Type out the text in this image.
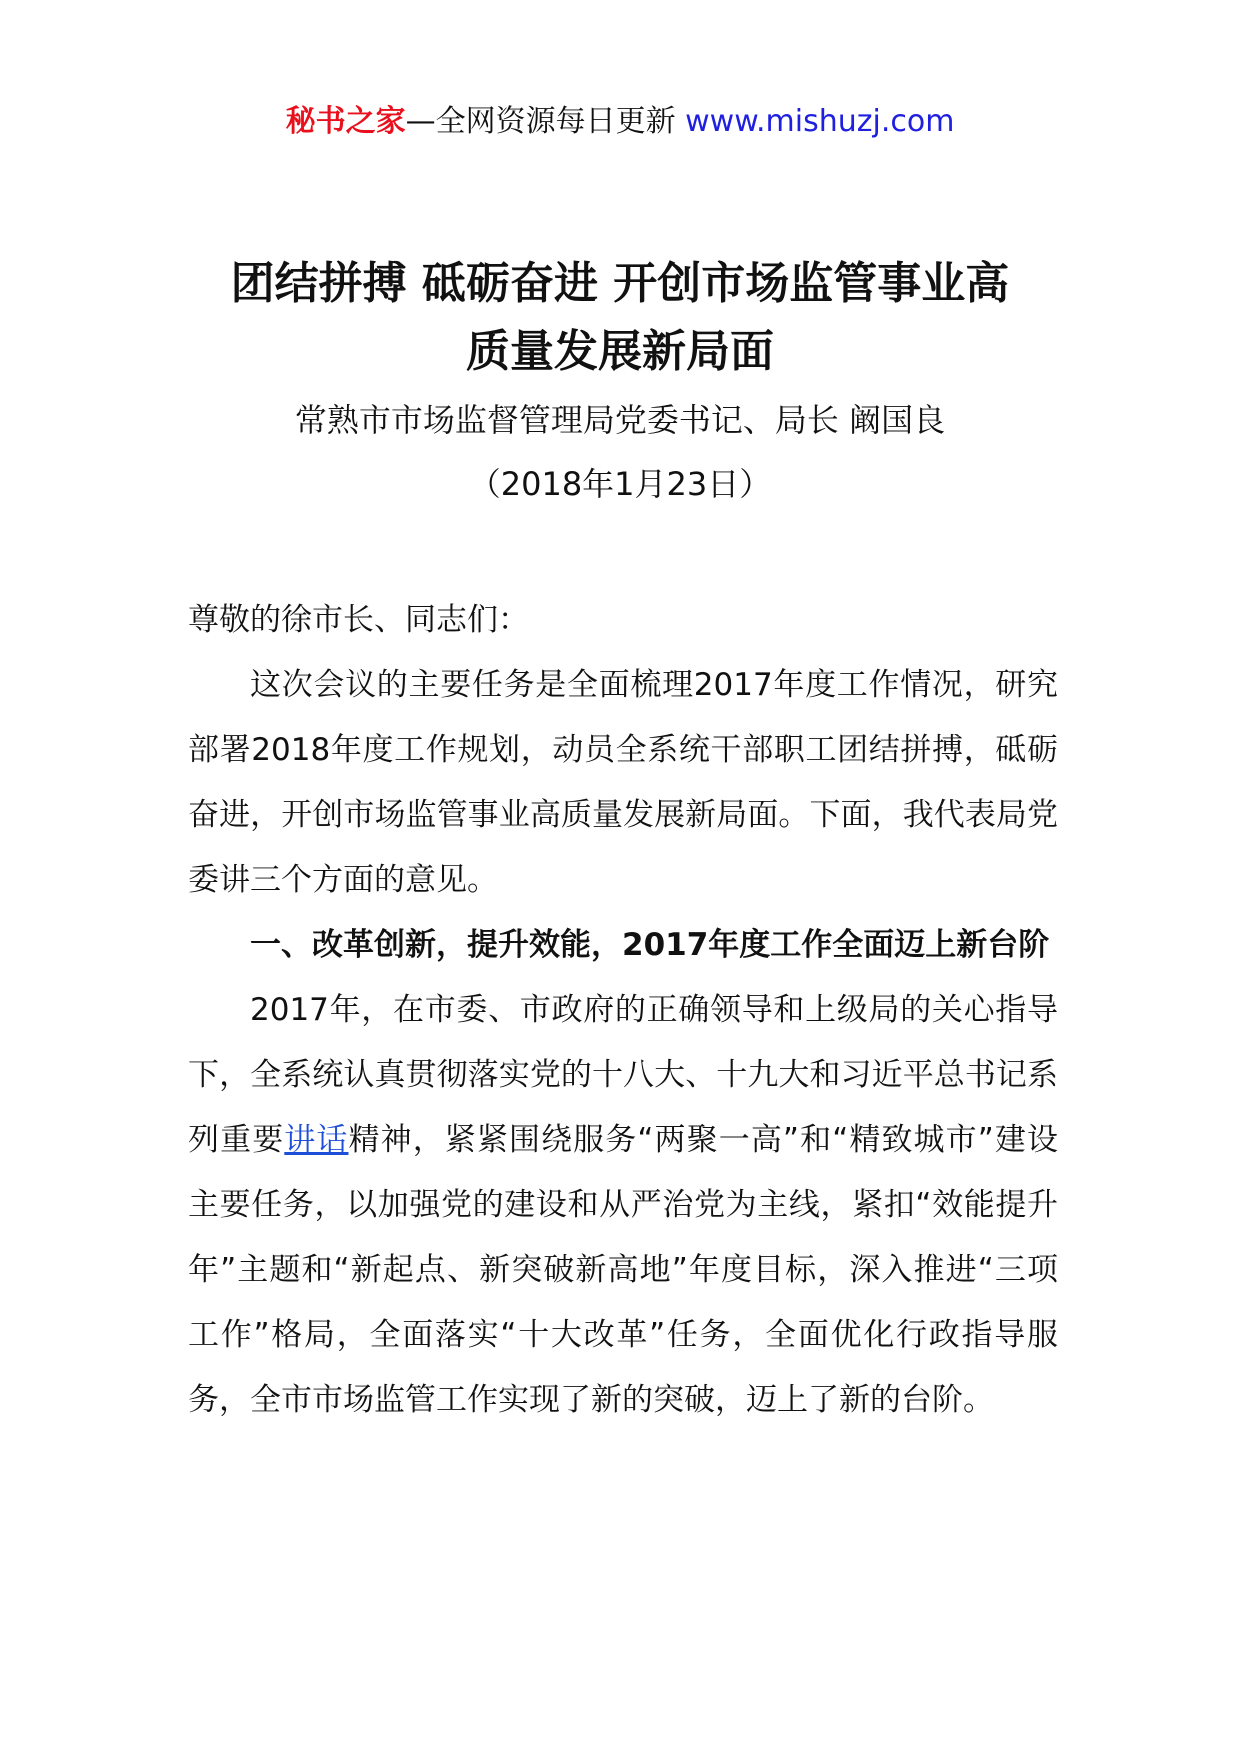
秘书之家—全网资源每日更新 www.mishuzj.com
团结拼搏 砥砺奋进 开创市场监管事业高
质量发展新局面
常熟市市场监督管理局党委书记、局长 阚国良
（2018年1月23日）

尊敬的徐市长、同志们：

这次会议的主要任务是全面梳理2017年度工作情况，研究部署2018年度工作规划，动员全系统干部职工团结拼搏，砥砺奋进，开创市场监管事业高质量发展新局面。下面，我代表局党委讲三个方面的意见。

一、改革创新，提升效能，2017年度工作全面迈上新台阶

2017年，在市委、市政府的正确领导和上级局的关心指导下，全系统认真贯彻落实党的十八大、十九大和习近平总书记系列重要讲话精神，紧紧围绕服务“两聚一高”和“精致城市”建设主要任务，以加强党的建设和从严治党为主线，紧扣“效能提升年”主题和“新起点、新突破新高地”年度目标，深入推进“三项工作”格局，全面落实“十大改革”任务，全面优化行政指导服务，全市市场监管工作实现了新的突破，迈上了新的台阶。
